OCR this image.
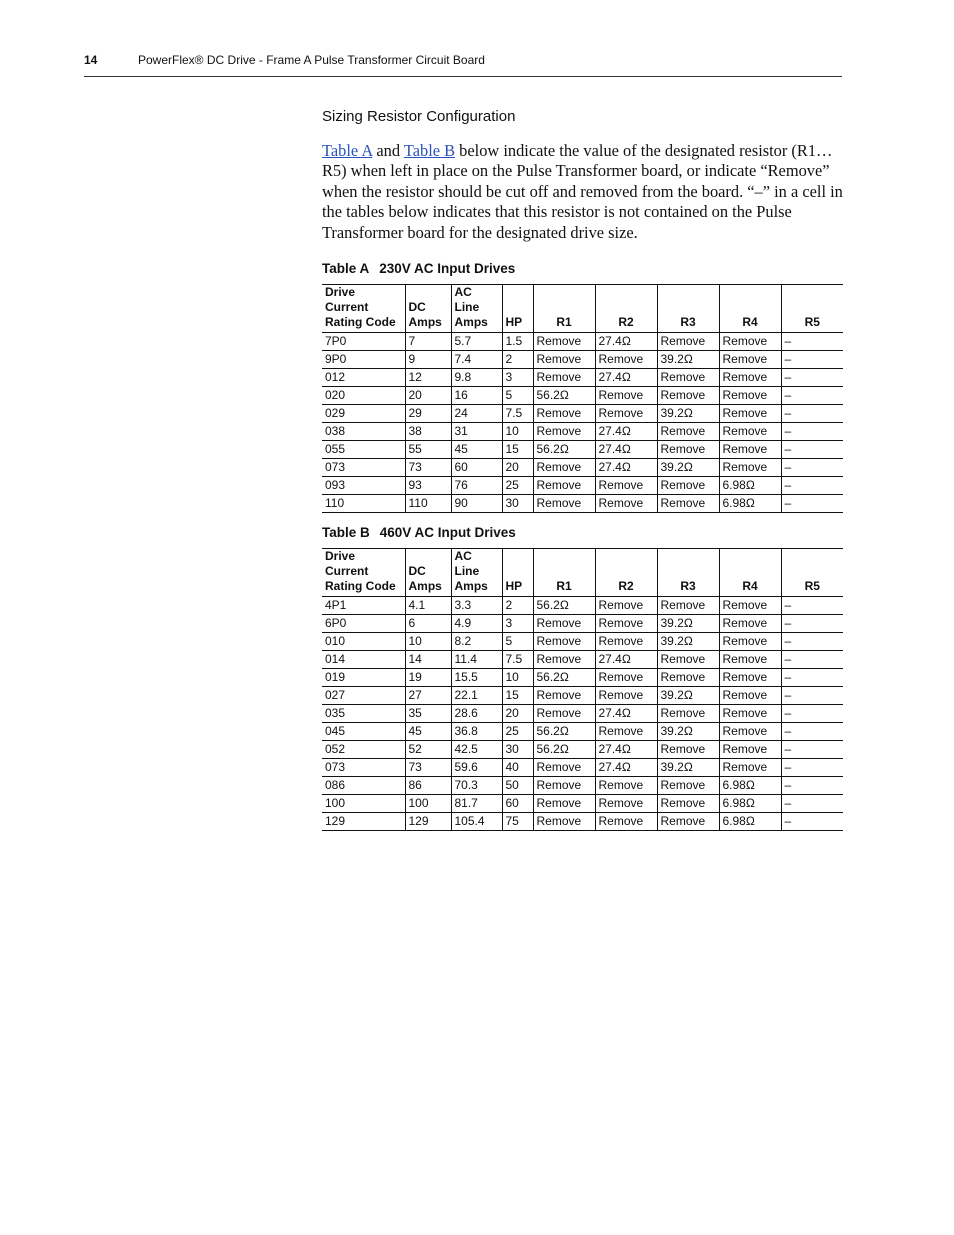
14	PowerFlex® DC Drive - Frame A Pulse Transformer Circuit Board
Sizing Resistor Configuration

Table A and Table B below indicate the value of the designated resistor (R1…R5) when left in place on the Pulse Transformer board, or indicate “Remove” when the resistor should be cut off and removed from the board. “–” in a cell in the tables below indicates that this resistor is not contained on the Pulse Transformer board for the designated drive size.

Table A 230V AC Input Drives
Drive Current Rating Code	DC Amps	AC Line Amps	HP	R1	R2	R3	R4	R5
7P0	7	5.7	1.5	Remove	27.4Ω	Remove	Remove	–
9P0	9	7.4	2	Remove	Remove	39.2Ω	Remove	–
012	12	9.8	3	Remove	27.4Ω	Remove	Remove	–
020	20	16	5	56.2Ω	Remove	Remove	Remove	–
029	29	24	7.5	Remove	Remove	39.2Ω	Remove	–
038	38	31	10	Remove	27.4Ω	Remove	Remove	–
055	55	45	15	56.2Ω	27.4Ω	Remove	Remove	–
073	73	60	20	Remove	27.4Ω	39.2Ω	Remove	–
093	93	76	25	Remove	Remove	Remove	6.98Ω	–
110	110	90	30	Remove	Remove	Remove	6.98Ω	–
Table B 460V AC Input Drives
Drive Current Rating Code	DC Amps	AC Line Amps	HP	R1	R2	R3	R4	R5
4P1	4.1	3.3	2	56.2Ω	Remove	Remove	Remove	–
6P0	6	4.9	3	Remove	Remove	39.2Ω	Remove	–
010	10	8.2	5	Remove	Remove	39.2Ω	Remove	–
014	14	11.4	7.5	Remove	27.4Ω	Remove	Remove	–
019	19	15.5	10	56.2Ω	Remove	Remove	Remove	–
027	27	22.1	15	Remove	Remove	39.2Ω	Remove	–
035	35	28.6	20	Remove	27.4Ω	Remove	Remove	–
045	45	36.8	25	56.2Ω	Remove	39.2Ω	Remove	–
052	52	42.5	30	56.2Ω	27.4Ω	Remove	Remove	–
073	73	59.6	40	Remove	27.4Ω	39.2Ω	Remove	–
086	86	70.3	50	Remove	Remove	Remove	6.98Ω	–
100	100	81.7	60	Remove	Remove	Remove	6.98Ω	–
129	129	105.4	75	Remove	Remove	Remove	6.98Ω	–
